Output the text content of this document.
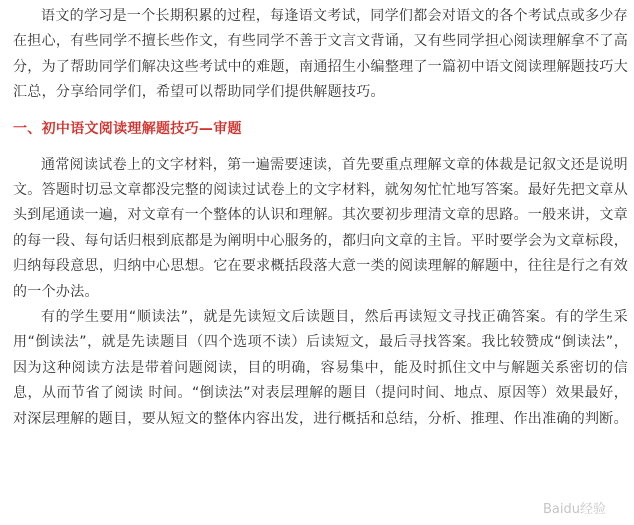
语文的学习是一个长期积累的过程，每逢语文考试，同学们都会对语文的各个考试点或多少存在担心，有些同学不擅长些作文，有些同学不善于文言文背诵，又有些同学担心阅读理解拿不了高分，为了帮助同学们解决这些考试中的难题，南通招生小编整理了一篇初中语文阅读理解题技巧大汇总，分享给同学们，希望可以帮助同学们提供解题技巧。

一、初中语文阅读理解题技巧—审题

通常阅读试卷上的文字材料，第一遍需要速读，首先要重点理解文章的体裁是记叙文还是说明文。答题时切忌文章都没完整的阅读过试卷上的文字材料，就匆匆忙忙地写答案。最好先把文章从头到尾通读一遍，对文章有一个整体的认识和理解。其次要初步理清文章的思路。一般来讲，文章的每一段、每句话归根到底都是为阐明中心服务的，都归向文章的主旨。平时要学会为文章标段，归纳每段意思，归纳中心思想。它在要求概括段落大意一类的阅读理解的解题中，往往是行之有效的一个办法。

有的学生要用“顺读法”，就是先读短文后读题目，然后再读短文寻找正确答案。有的学生采用“倒读法”，就是先读题目（四个选项不读）后读短文，最后寻找答案。我比较赞成“倒读法”，因为这种阅读方法是带着问题阅读，目的明确，容易集中，能及时抓住文中与解题关系密切的信息，从而节省了阅读 时间。“倒读法”对表层理解的题目（提问时间、地点、原因等）效果最好，对深层理解的题目，要从短文的整体内容出发，进行概括和总结，分析、推理、作出准确的判断。

Baidu经验
